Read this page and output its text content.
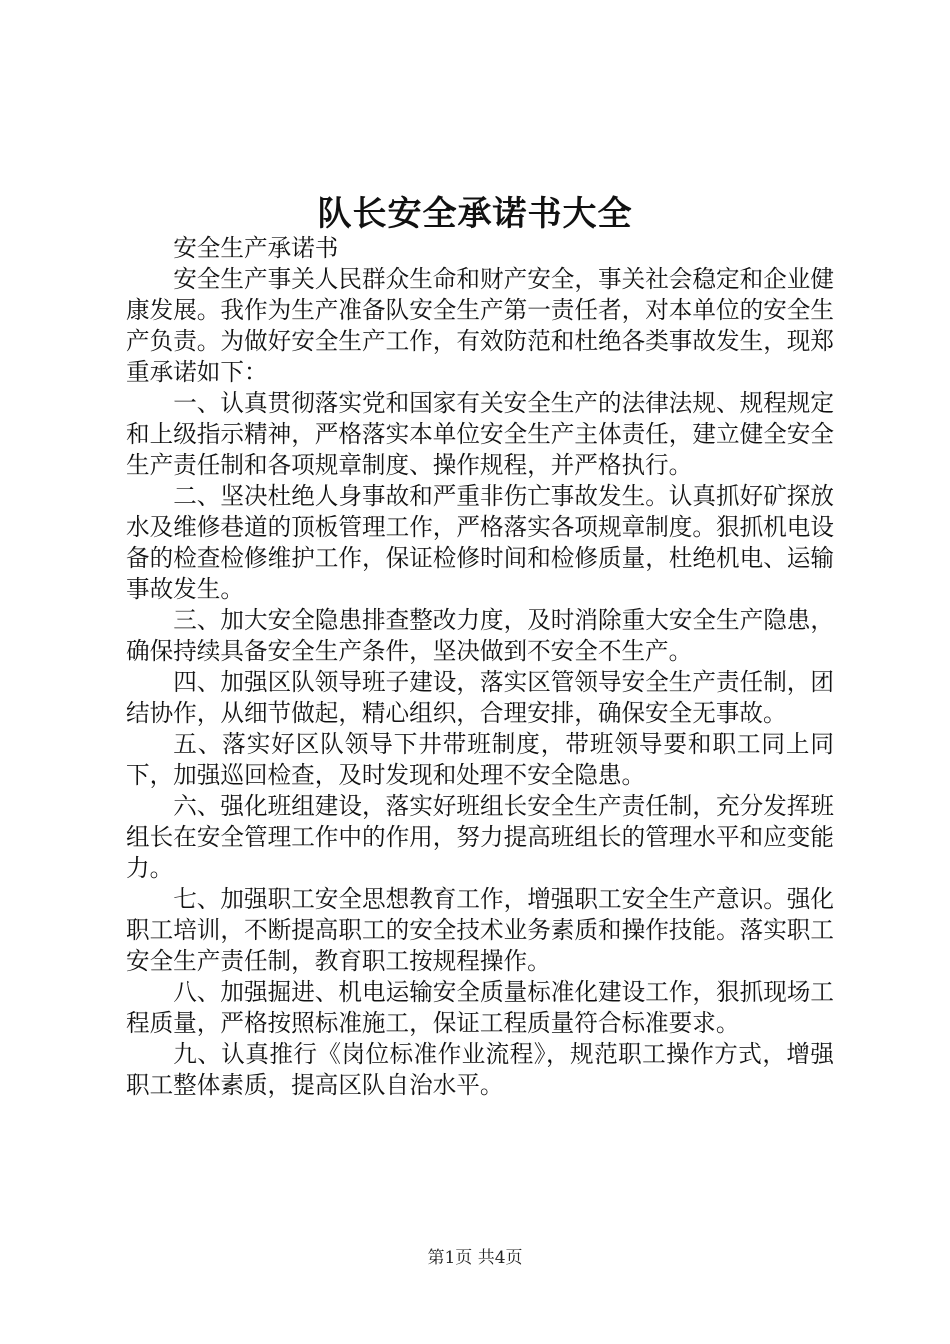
队长安全承诺书大全

安全生产承诺书

安全生产事关人民群众生命和财产安全，事关社会稳定和企业健康发展。我作为生产准备队安全生产第一责任者，对本单位的安全生产负责。为做好安全生产工作，有效防范和杜绝各类事故发生，现郑重承诺如下：

一、认真贯彻落实党和国家有关安全生产的法律法规、规程规定和上级指示精神，严格落实本单位安全生产主体责任，建立健全安全生产责任制和各项规章制度、操作规程，并严格执行。

二、坚决杜绝人身事故和严重非伤亡事故发生。认真抓好矿探放水及维修巷道的顶板管理工作，严格落实各项规章制度。狠抓机电设备的检查检修维护工作，保证检修时间和检修质量，杜绝机电、运输事故发生。

三、加大安全隐患排查整改力度，及时消除重大安全生产隐患，确保持续具备安全生产条件，坚决做到不安全不生产。

四、加强区队领导班子建设，落实区管领导安全生产责任制，团结协作，从细节做起，精心组织，合理安排，确保安全无事故。

五、落实好区队领导下井带班制度，带班领导要和职工同上同下，加强巡回检查，及时发现和处理不安全隐患。

六、强化班组建设，落实好班组长安全生产责任制，充分发挥班组长在安全管理工作中的作用，努力提高班组长的管理水平和应变能力。

七、加强职工安全思想教育工作，增强职工安全生产意识。强化职工培训，不断提高职工的安全技术业务素质和操作技能。落实职工安全生产责任制，教育职工按规程操作。

八、加强掘进、机电运输安全质量标准化建设工作，狠抓现场工程质量，严格按照标准施工，保证工程质量符合标准要求。

九、认真推行《岗位标准作业流程》，规范职工操作方式，增强职工整体素质，提高区队自治水平。

第1页 共4页
